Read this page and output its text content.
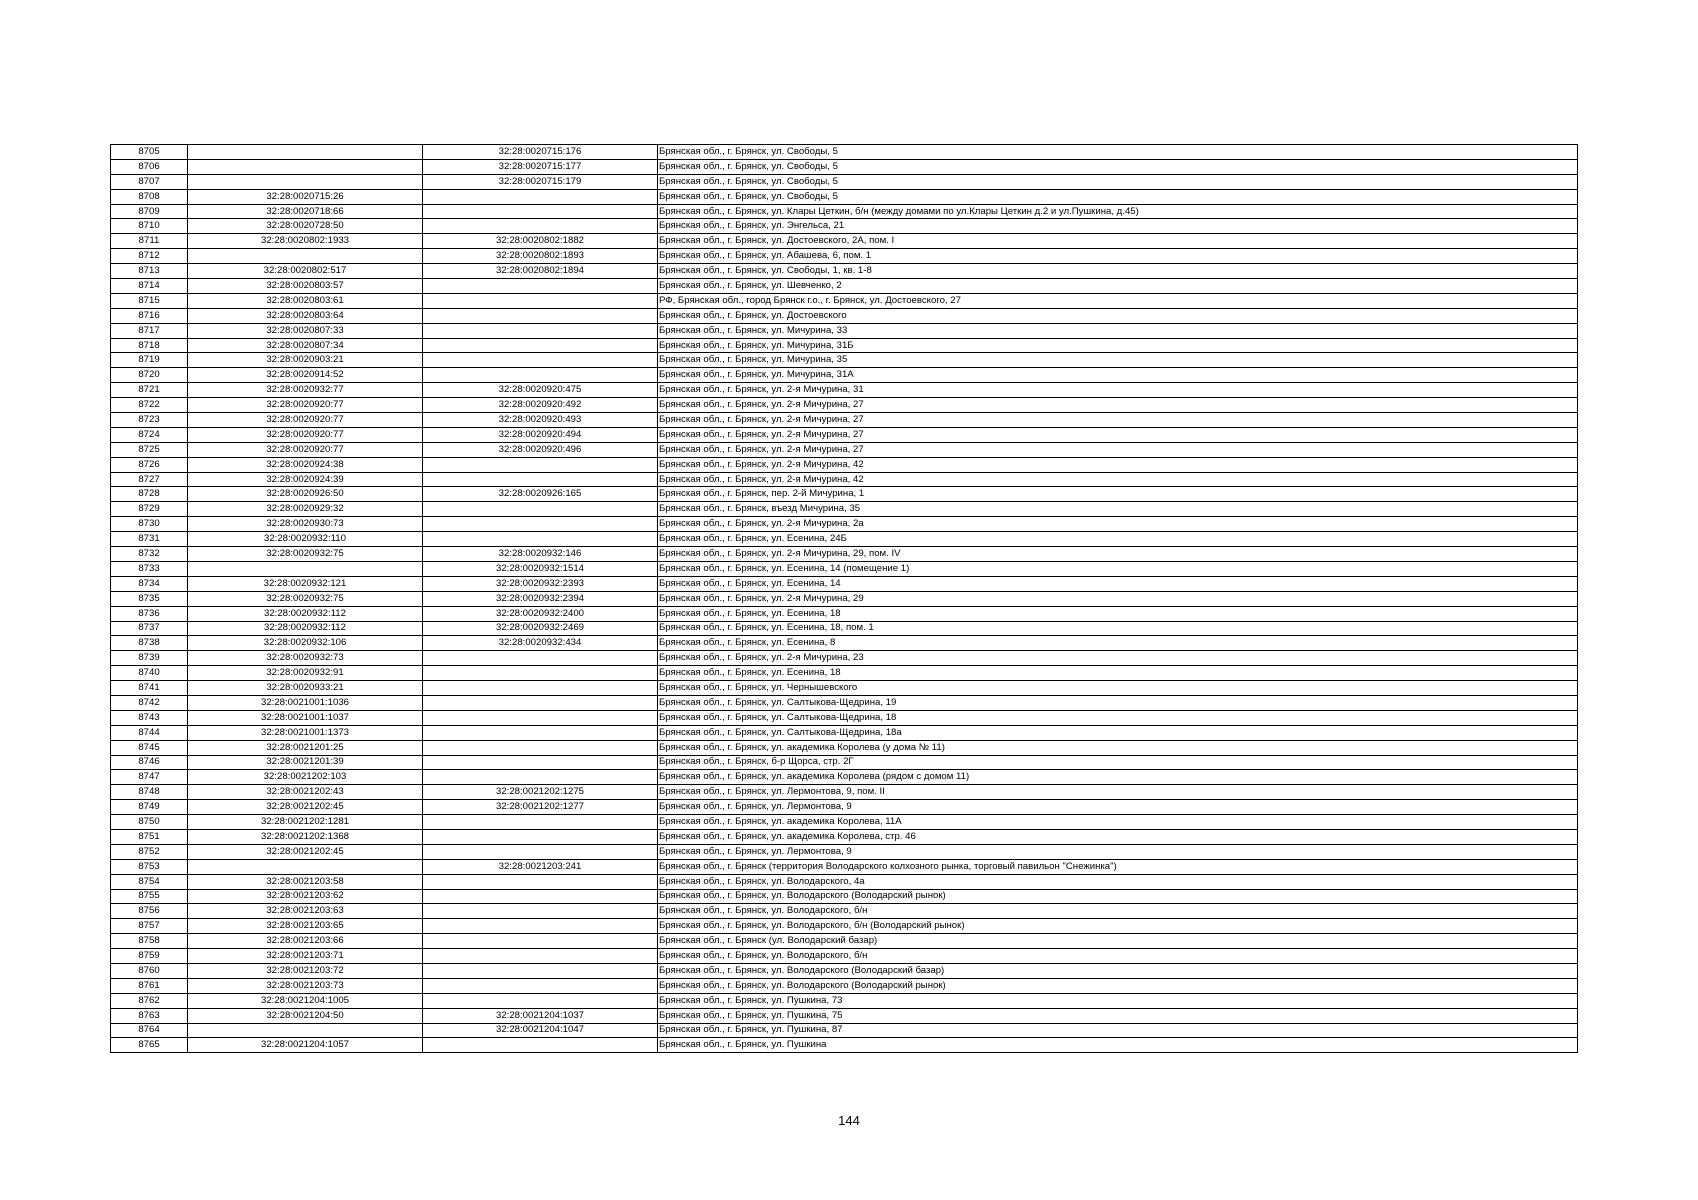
8705		32:28:0020715:176	Брянская обл., г. Брянск, ул. Свободы, 5
8706		32:28:0020715:177	Брянская обл., г. Брянск, ул. Свободы, 5
8707		32:28:0020715:179	Брянская обл., г. Брянск, ул. Свободы, 5
8708	32:28:0020715:26		Брянская обл., г. Брянск, ул. Свободы, 5
8709	32:28:0020718:66		Брянская обл., г. Брянск, ул. Клары Цеткин, б/н (между домами по ул.Клары Цеткин д.2 и ул.Пушкина, д.45)
8710	32:28:0020728:50		Брянская обл., г. Брянск, ул. Энгельса, 21
8711	32:28:0020802:1933	32:28:0020802:1882	Брянская обл., г. Брянск, ул. Достоевского, 2А, пом. I
8712		32:28:0020802:1893	Брянская обл., г. Брянск, ул. Абашева, 6, пом. 1
8713	32:28:0020802:517	32:28:0020802:1894	Брянская обл., г. Брянск, ул. Свободы, 1, кв. 1-8
8714	32:28:0020803:57		Брянская обл., г. Брянск, ул. Шевченко, 2
8715	32:28:0020803:61		РФ, Брянская обл., город Брянск г.о., г. Брянск, ул. Достоевского, 27
8716	32:28:0020803:64		Брянская обл., г. Брянск, ул. Достоевского
8717	32:28:0020807:33		Брянская обл., г. Брянск, ул. Мичурина, 33
8718	32:28:0020807:34		Брянская обл., г. Брянск, ул. Мичурина, 31Б
8719	32:28:0020903:21		Брянская обл., г. Брянск, ул. Мичурина, 35
8720	32:28:0020914:52		Брянская обл., г. Брянск, ул. Мичурина, 31А
8721	32:28:0020932:77	32:28:0020920:475	Брянская обл., г. Брянск, ул. 2-я Мичурина, 31
8722	32:28:0020920:77	32:28:0020920:492	Брянская обл., г. Брянск, ул. 2-я Мичурина, 27
8723	32:28:0020920:77	32:28:0020920:493	Брянская обл., г. Брянск, ул. 2-я Мичурина, 27
8724	32:28:0020920:77	32:28:0020920:494	Брянская обл., г. Брянск, ул. 2-я Мичурина, 27
8725	32:28:0020920:77	32:28:0020920:496	Брянская обл., г. Брянск, ул. 2-я Мичурина, 27
8726	32:28:0020924:38		Брянская обл., г. Брянск, ул. 2-я Мичурина, 42
8727	32:28:0020924:39		Брянская обл., г. Брянск, ул. 2-я Мичурина, 42
8728	32:28:0020926:50	32:28:0020926:165	Брянская обл., г. Брянск, пер. 2-й Мичурина, 1
8729	32:28:0020929:32		Брянская обл., г. Брянск, въезд Мичурина, 35
8730	32:28:0020930:73		Брянская обл., г. Брянск, ул. 2-я Мичурина, 2а
8731	32:28:0020932:110		Брянская обл., г. Брянск, ул. Есенина, 24Б
8732	32:28:0020932:75	32:28:0020932:146	Брянская обл., г. Брянск, ул. 2-я Мичурина, 29, пом. IV
8733		32:28:0020932:1514	Брянская обл., г. Брянск, ул. Есенина, 14 (помещение 1)
8734	32:28:0020932:121	32:28:0020932:2393	Брянская обл., г. Брянск, ул. Есенина, 14
8735	32:28:0020932:75	32:28:0020932:2394	Брянская обл., г. Брянск, ул. 2-я Мичурина, 29
8736	32:28:0020932:112	32:28:0020932:2400	Брянская обл., г. Брянск, ул. Есенина, 18
8737	32:28:0020932:112	32:28:0020932:2469	Брянская обл., г. Брянск, ул. Есенина, 18, пом. 1
8738	32:28:0020932:106	32:28:0020932:434	Брянская обл., г. Брянск, ул. Есенина, 8
8739	32:28:0020932:73		Брянская обл., г. Брянск, ул. 2-я Мичурина, 23
8740	32:28:0020932:91		Брянская обл., г. Брянск, ул. Есенина, 18
8741	32:28:0020933:21		Брянская обл., г. Брянск, ул. Чернышевского
8742	32:28:0021001:1036		Брянская обл., г. Брянск, ул. Салтыкова-Щедрина, 19
8743	32:28:0021001:1037		Брянская обл., г. Брянск, ул. Салтыкова-Щедрина, 18
8744	32:28:0021001:1373		Брянская обл., г. Брянск, ул. Салтыкова-Щедрина, 18а
8745	32:28:0021201:25		Брянская обл., г. Брянск, ул. академика Королева (у дома № 11)
8746	32:28:0021201:39		Брянская обл., г. Брянск, б-р Щорса, стр. 2Г
8747	32:28:0021202:103		Брянская обл., г. Брянск, ул. академика Королева (рядом с домом 11)
8748	32:28:0021202:43	32:28:0021202:1275	Брянская обл., г. Брянск, ул. Лермонтова, 9, пом. II
8749	32:28:0021202:45	32:28:0021202:1277	Брянская обл., г. Брянск, ул. Лермонтова, 9
8750	32:28:0021202:1281		Брянская обл., г. Брянск, ул. академика Королева, 11А
8751	32:28:0021202:1368		Брянская обл., г. Брянск, ул. академика Королева, стр. 46
8752	32:28:0021202:45		Брянская обл., г. Брянск, ул. Лермонтова, 9
8753		32:28:0021203:241	Брянская обл., г. Брянск (территория Володарского колхозного рынка, торговый павильон "Снежинка")
8754	32:28:0021203:58		Брянская обл., г. Брянск, ул. Володарского, 4а
8755	32:28:0021203:62		Брянская обл., г. Брянск, ул. Володарского (Володарский рынок)
8756	32:28:0021203:63		Брянская обл., г. Брянск, ул. Володарского, б/н
8757	32:28:0021203:65		Брянская обл., г. Брянск, ул. Володарского, б/н (Володарский рынок)
8758	32:28:0021203:66		Брянская обл., г. Брянск (ул. Володарский базар)
8759	32:28:0021203:71		Брянская обл., г. Брянск, ул. Володарского, б/н
8760	32:28:0021203:72		Брянская обл., г. Брянск, ул. Володарского (Володарский базар)
8761	32:28:0021203:73		Брянская обл., г. Брянск, ул. Володарского (Володарский рынок)
8762	32:28:0021204:1005		Брянская обл., г. Брянск, ул. Пушкина, 73
8763	32:28:0021204:50	32:28:0021204:1037	Брянская обл., г. Брянск, ул. Пушкина, 75
8764		32:28:0021204:1047	Брянская обл., г. Брянск, ул. Пушкина, 87
8765	32:28:0021204:1057		Брянская обл., г. Брянск, ул. Пушкина
144
